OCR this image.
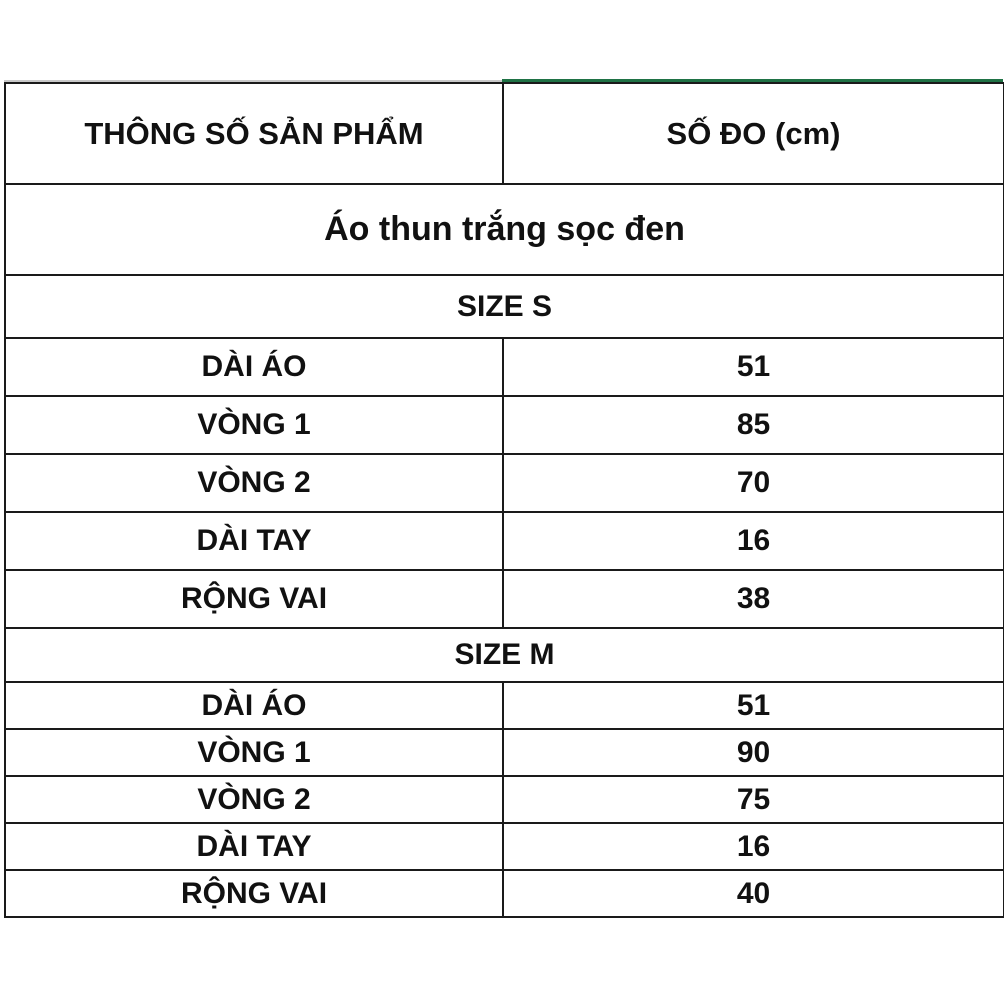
THÔNG SỐ SẢN PHẨM	SỐ ĐO (cm)
Áo thun trắng sọc đen	
SIZE S	
DÀI ÁO	51
VÒNG 1	85
VÒNG 2	70
DÀI TAY	16
RỘNG VAI	38
SIZE M	
DÀI ÁO	51
VÒNG 1	90
VÒNG 2	75
DÀI TAY	16
RỘNG VAI	40
